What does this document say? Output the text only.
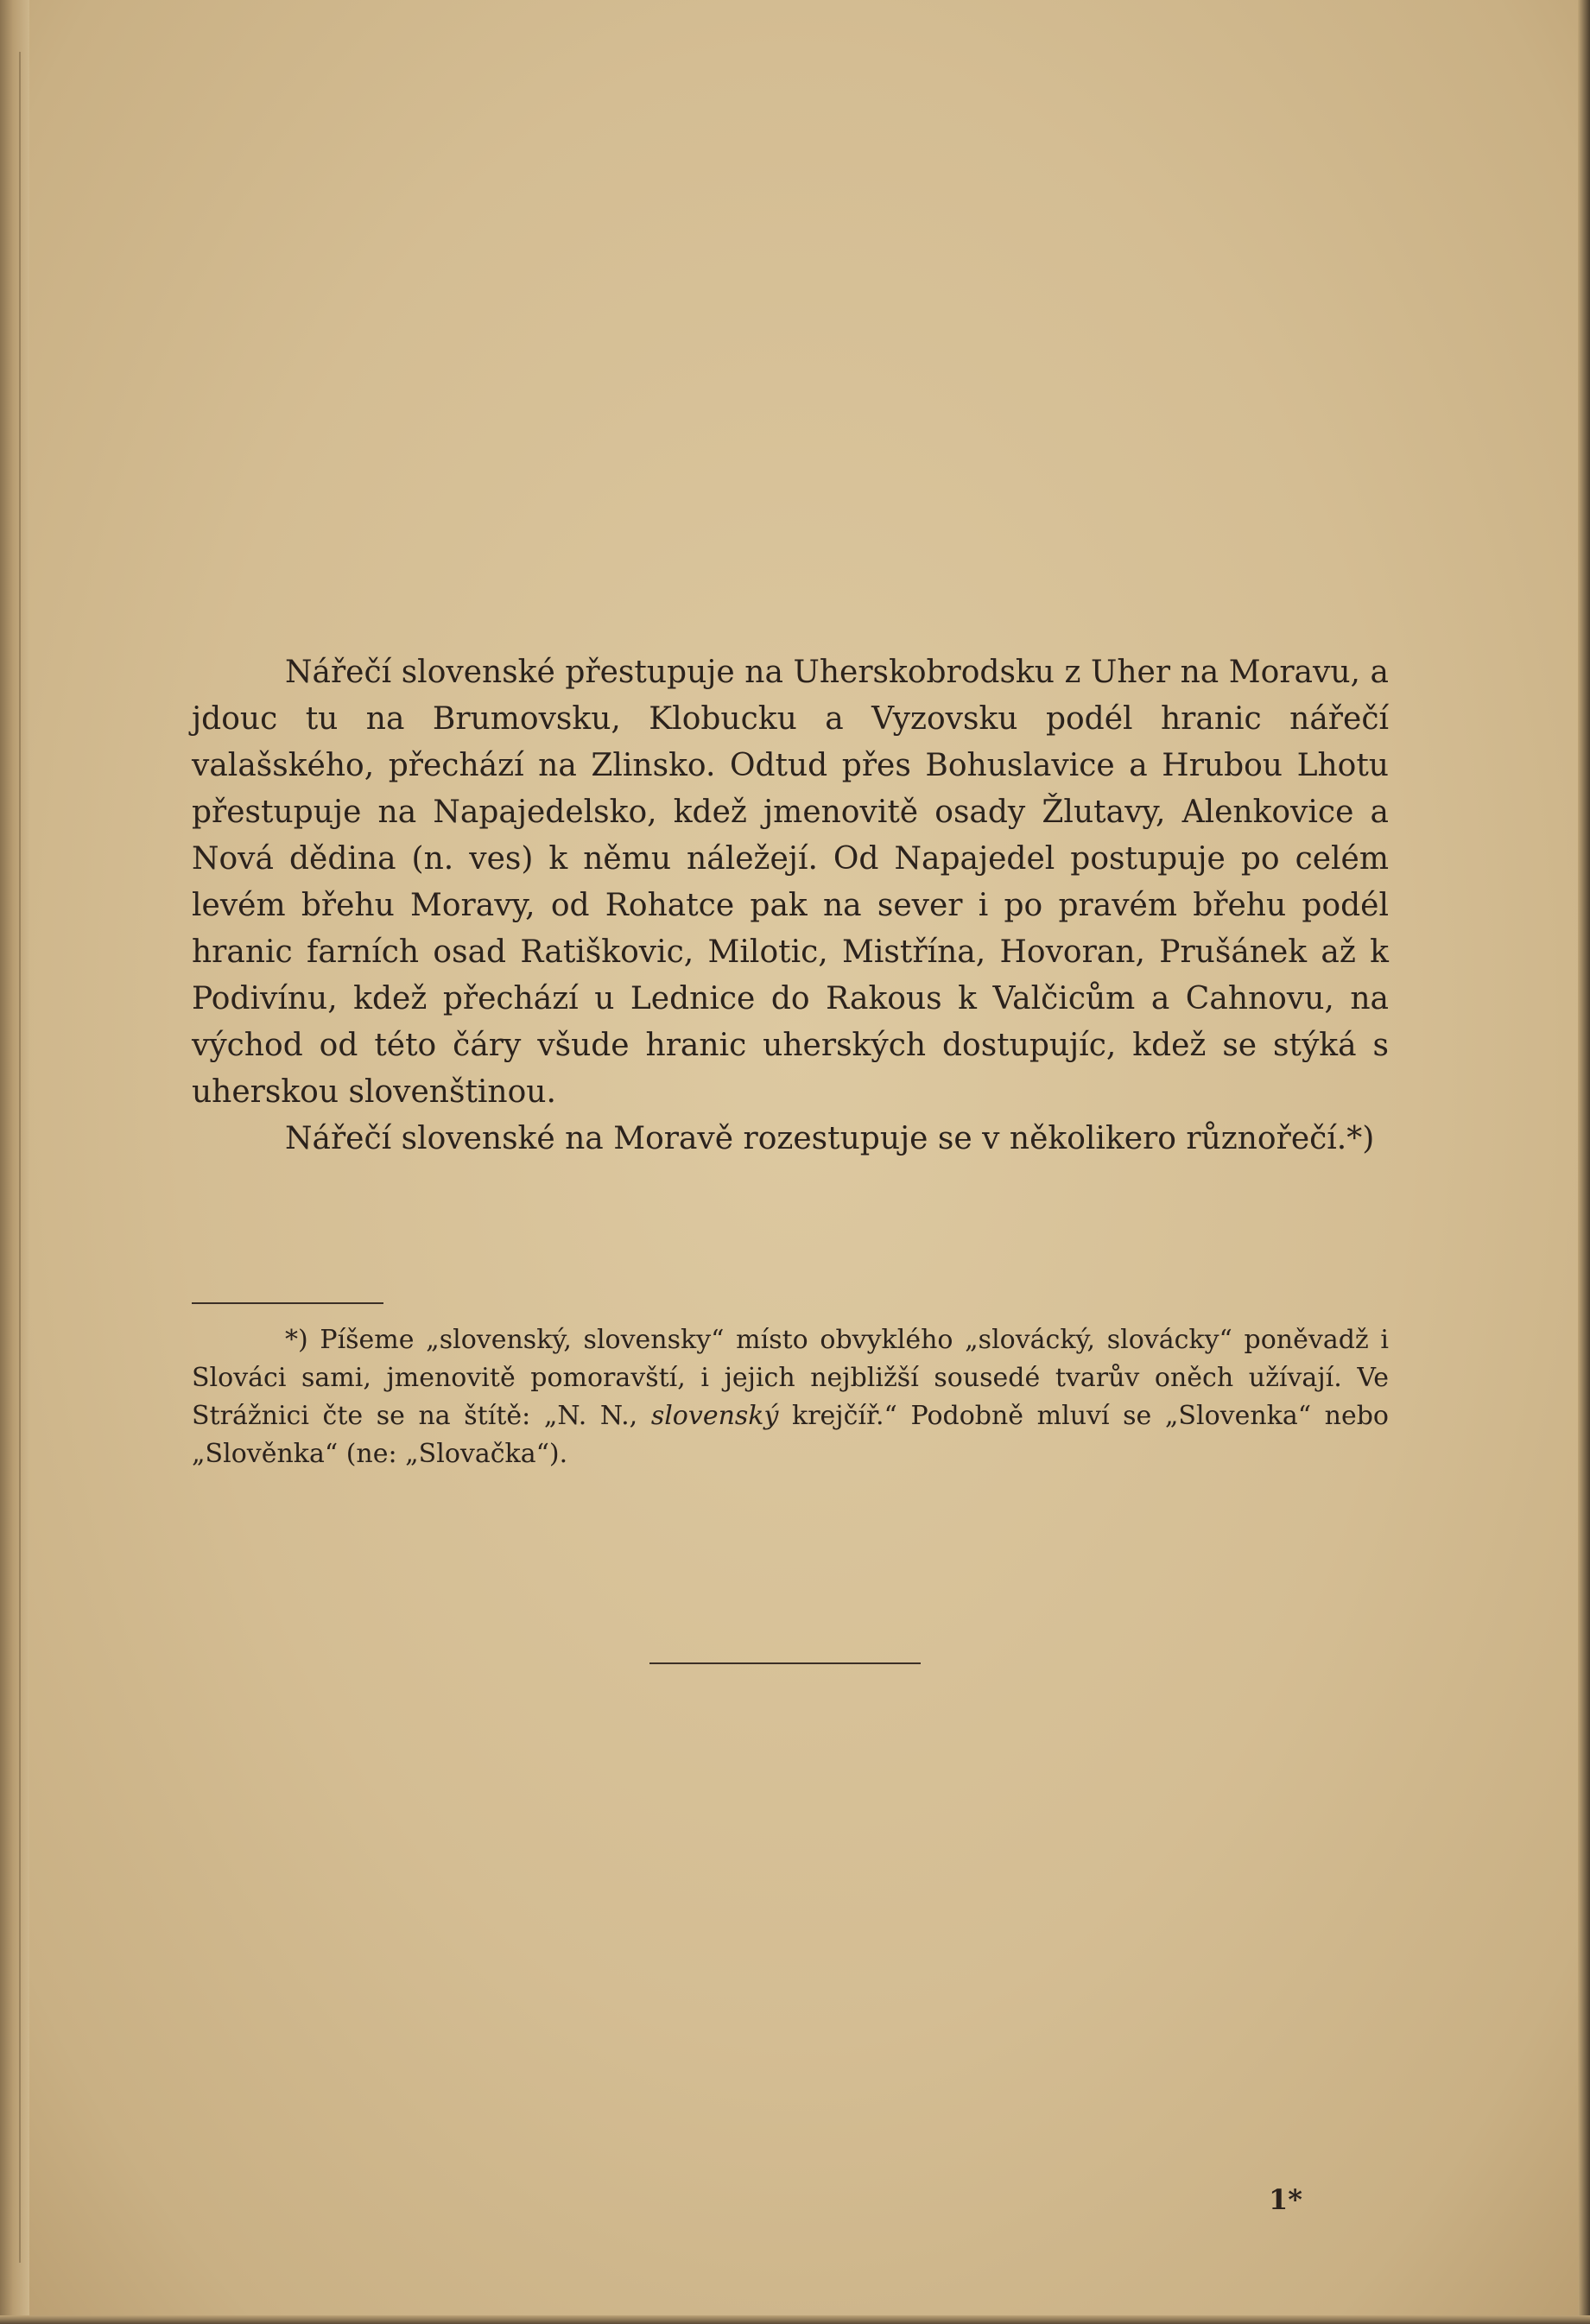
Nářečí slovenské přestupuje na Uherskobrodsku z Uher na Moravu, a jdouc tu na Brumovsku, Klobucku a Vyzovsku podél hranic nářečí valašského, přechází na Zlinsko. Odtud přes Bohuslavice a Hrubou Lhotu přestupuje na Napajedelsko, kdež jmenovitě osady Žlutavy, Alenkovice a Nová dědina (n. ves) k němu náležejí. Od Napajedel postupuje po celém levém břehu Moravy, od Rohatce pak na sever i po pravém břehu podél hranic farních osad Ratiškovic, Milotic, Mistřína, Hovoran, Prušánek až k Podivínu, kdež přechází u Lednice do Rakous k Valčicům a Cahnovu, na východ od této čáry všude hranic uherských dostupujíc, kdež se stýká s uherskou slovenštinou.

Nářečí slovenské na Moravě rozestupuje se v několikero různořečí.*)

*) Píšeme „slovenský, slovensky“ místo obvyklého „slovácký, slovácky“ poněvadž i Slováci sami, jmenovitě pomoravští, i jejich nejbližší sousedé tvarův oněch užívají. Ve Strážnici čte se na štítě: „N. N., slovenský krejčíř.“ Podobně mluví se „Slovenka“ nebo „Slověnka“ (ne: „Slovačka“).

1*
